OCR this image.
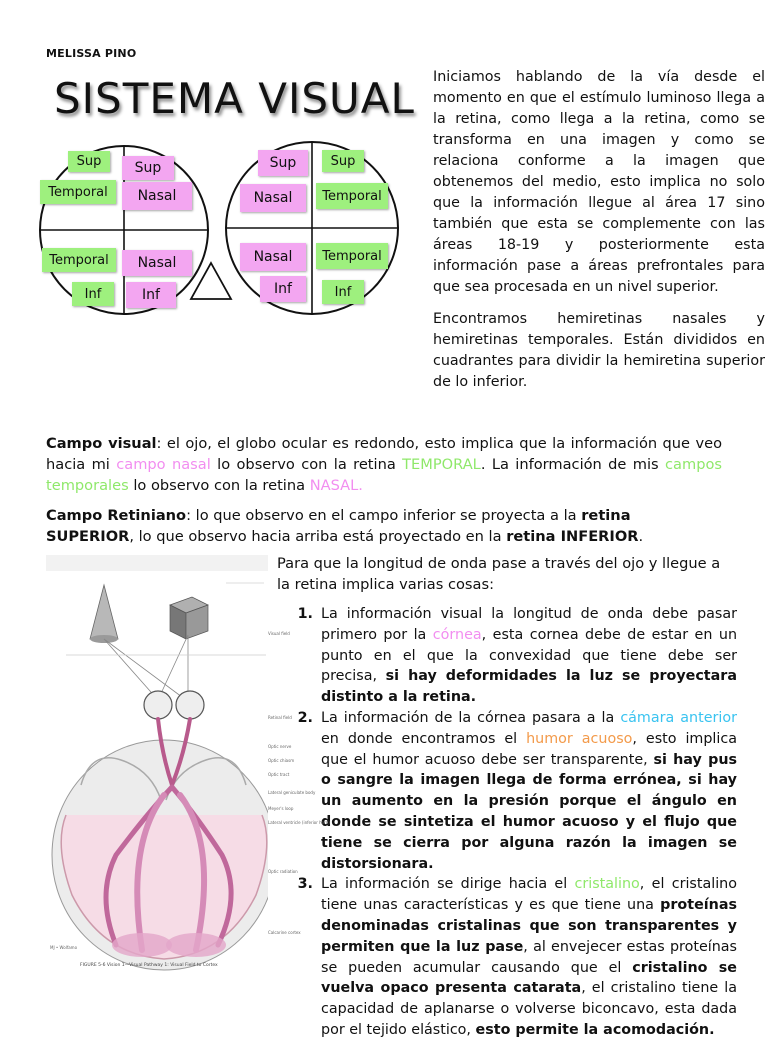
MELISSA PINO
SISTEMA VISUAL
Sup	Sup
Temporal	Nasal
Temporal	Nasal
Inf	Inf
Sup	Sup
Nasal	Temporal
Nasal	Temporal
Inf	Inf

Iniciamos hablando de la vía desde el momento en que el estímulo luminoso llega a la retina, como llega a la retina, como se transforma en una imagen y como se relaciona conforme a la imagen que obtenemos del medio, esto implica no solo que la información llegue al área 17 sino también que esta se complemente con las áreas 18-19 y posteriormente esta información pase a áreas prefrontales para que sea procesada en un nivel superior.

Encontramos hemiretinas nasales y hemiretinas temporales. Están divididos en cuadrantes para dividir la hemiretina superior de lo inferior.

Campo visual: el ojo, el globo ocular es redondo, esto implica que la información que veo hacia mi campo nasal lo observo con la retina TEMPORAL. La información de mis campos temporales lo observo con la retina NASAL.
Campo Retiniano: lo que observo en el campo inferior se proyecta a la retina SUPERIOR, lo que observo hacia arriba está proyectado en la retina INFERIOR.
FIGURE 5-6 Vision 1—Visual Pathway 1: Visual Field to Cortex
MJ • Wolfamo
Para que la longitud de onda pase a través del ojo y llegue a la retina implica varias cosas:
1. La información visual la longitud de onda debe pasar primero por la córnea, esta cornea debe de estar en un punto en el que la convexidad que tiene debe ser precisa, si hay deformidades la luz se proyectara distinto a la retina.
2. La información de la córnea pasara a la cámara anterior en donde encontramos el humor acuoso, esto implica que el humor acuoso debe ser transparente, si hay pus o sangre la imagen llega de forma errónea, si hay un aumento en la presión porque el ángulo en donde se sintetiza el humor acuoso y el flujo que tiene se cierra por alguna razón la imagen se distorsionara.
3. La información se dirige hacia el cristalino, el cristalino tiene unas características y es que tiene una proteínas denominadas cristalinas que son transparentes y permiten que la luz pase, al envejecer estas proteínas se pueden acumular causando que el cristalino se vuelva opaco presenta catarata, el cristalino tiene la capacidad de aplanarse o volverse biconcavo, esta dada por el tejido elástico, esto permite la acomodación.
Visual field
Retinal field
Optic nerve
Optic chiasm
Optic tract
Lateral geniculate body
Meyer's loop
Lateral ventricle (inferior horn)
Optic radiation
Calcarine cortex
